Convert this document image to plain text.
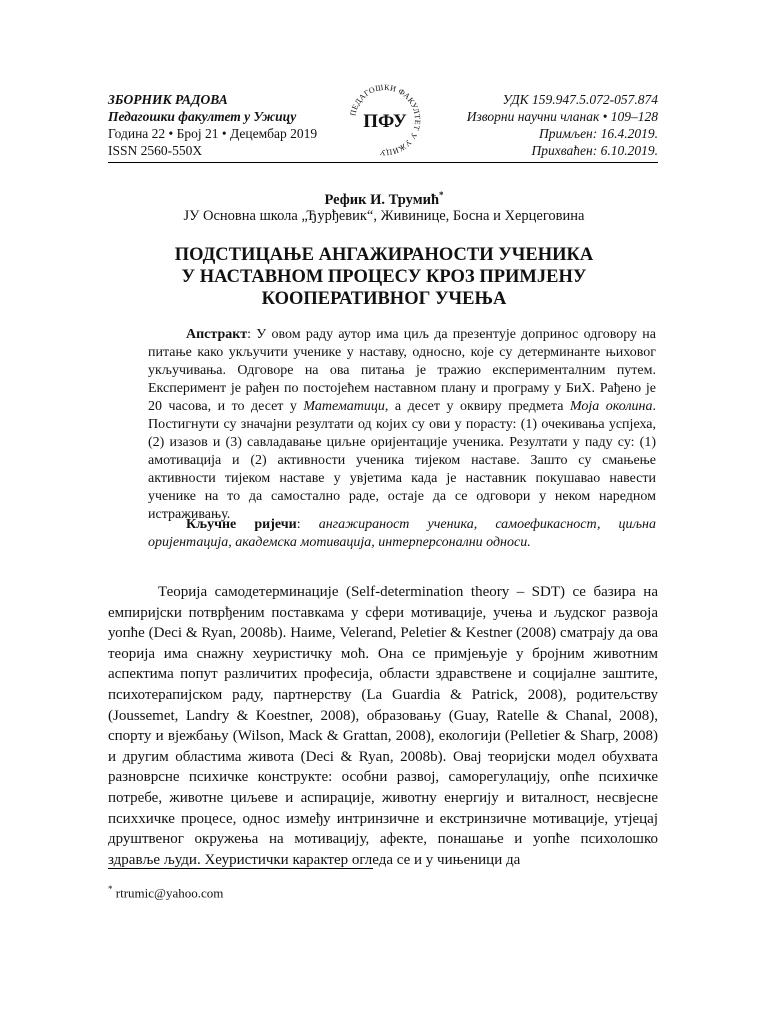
ЗБОРНИК РАДОВА
Педагошки факултет у Ужицу
Година 22 • Број 21 • Децембар 2019
ISSN 2560-550X
ПЕДАГОШКИ ФАКУЛТЕТ У УЖИЦУ
ПФУ
УДК 159.947.5.072-057.874
Изворни научни чланак • 109–128
Примљен: 16.4.2019.
Прихваћен: 6.10.2019.
Рефик И. Трумић*
ЈУ Основна школа „Ђурђевик“, Живинице, Босна и Херцеговина
ПОДСТИЦАЊЕ АНГАЖИРАНОСТИ УЧЕНИКА
У НАСТАВНОМ ПРОЦЕСУ КРОЗ ПРИМЈЕНУ
КООПЕРАТИВНОГ УЧЕЊА

Апстракт: У овом раду аутор има циљ да презентује допринос одговору на питање како укључити ученике у наставу, односно, које су детерминанте њиховог укључивања. Одговоре на ова питања је тражио експерименталним путем. Експеримент је рађен по постојећем наставном плану и програму у БиХ. Рађено је 20 часова, и то десет у Математици, а десет у оквиру предмета Моја околина. Постигнути су значајни резултати од којих су ови у порасту: (1) очекивања успјеха, (2) изазов и (3) савладавање циљне оријентације ученика. Резултати у паду су: (1) амотивација и (2) активности ученика тијеком наставе. Зашто су смањење активности тијеком наставе у увјетима када је наставник покушавао навести ученике на то да самостално раде, остаје да се одговори у неком наредном истраживању.

Кључне ријечи: ангажираност ученика, самоефикасност, циљна оријентација, академска мотивација, интерперсонални односи.

Теорија самодетерминације (Self-determination theory – SDT) се базира на емпиријски потврђеним поставкама у сфери мотивације, учења и људског развоја уопће (Deci & Ryan, 2008b). Наиме, Velerand, Peletier & Kestner (2008) сматрају да ова теорија има снажну хеуристичку моћ. Она се примјењује у бројним животним аспектима попут различитих професија, области здравствене и социјалне заштите, психотерапијском раду, партнерству (La Guardia & Patrick, 2008), родитељству (Joussemet, Landry & Koestner, 2008), образовању (Guay, Ratelle & Chanal, 2008), спорту и вјежбању (Wilson, Mack & Grattan, 2008), екологији (Pelletier & Sharp, 2008) и другим областима живота (Deci & Ryan, 2008b). Овај теоријски модел обухвата разноврсне психичке конструкте: особни развој, саморегулацију, опће психичке потребе, животне циљеве и аспирације, животну енергију и виталност, несвјесне психхичке процесе, однос између интринзичне и екстринзичне мотивације, утјецај друштвеног окружења на мотивацију, афекте, понашање и уопће психолошко здравље људи. Хеуристички карактер огледа се и у чињеници да

* rtrumic@yahoo.com
